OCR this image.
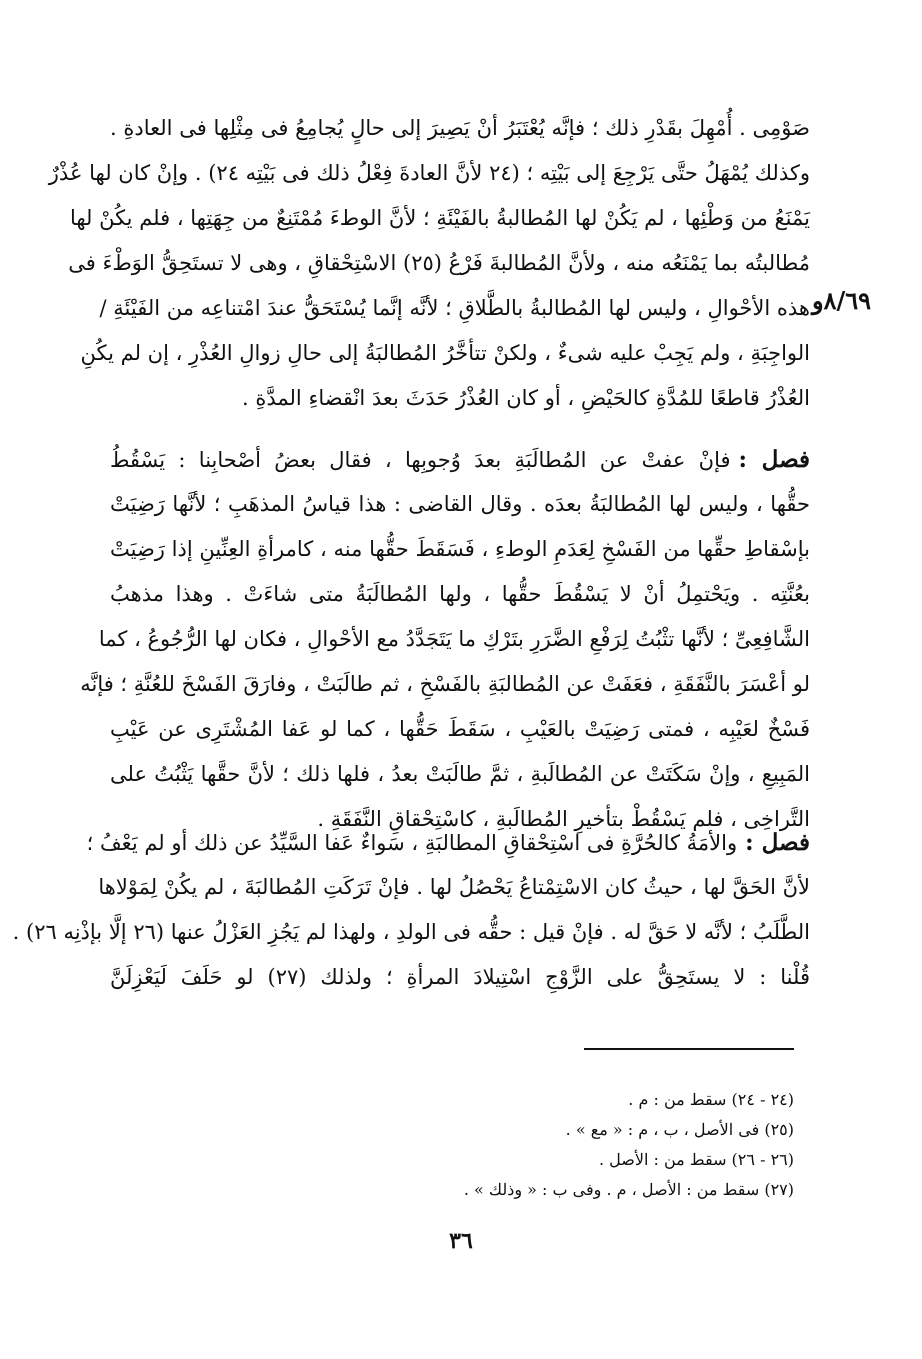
٨/٦٩و
صَوْمِى . أُمْهِلَ بقَدْرِ ذلك ؛ فإنَّه يُعْتَبَرُ أنْ يَصِيرَ إلى حالٍ يُجامِعُ فى مِثْلِها فى العادةِ .
وكذلك يُمْهَلُ حتَّى يَرْجِعَ إلى بَيْتِه ؛ (٢٤ لأنَّ العادةَ فِعْلُ ذلك فى بَيْتِه ٢٤) . وإنْ كان لها عُذْرٌ
يَمْنَعُ من وَطْئِها ، لم يَكُنْ لها المُطالبةُ بالفَيْئَةِ ؛ لأنَّ الوطءَ مُمْتَنِعٌ من جِهَتِها ، فلم يكُنْ لها
مُطالبتُه بما يَمْنَعُه منه ، ولأنَّ المُطالبةَ فَرْعُ (٢٥) الاسْتِحْقاقِ ، وهى لا تستَحِقُّ الوَطْءَ فى
هذه الأحْوالِ ، وليس لها المُطالبةُ بالطَّلاقِ ؛ لأنَّه إنَّما يُسْتَحَقُّ عندَ امْتناعِه من الفَيْئَةِ /
الواجِبَةِ ، ولم يَجِبْ عليه شىءٌ ، ولكنْ تتأخَّرُ المُطالبَةُ إلى حالِ زوالِ العُذْرِ ، إن لم يكُنِ
العُذْرُ قاطعًا للمُدَّةِ كالحَيْضِ ، أو كان العُذْرُ حَدَثَ بعدَ انْقضاءِ المدَّةِ .
فصل :فإنْ عفتْ عن المُطالَبَةِ بعدَ وُجوبِها ، فقال بعضُ أصْحابِنا : يَسْقُطُ
حقُّها ، وليس لها المُطالبَةُ بعدَه . وقال القاضى : هذا قياسُ المذهَبِ ؛ لأنَّها رَضِيَتْ
بإسْقاطِ حقِّها من الفَسْخِ لِعَدَمِ الوطءِ ، فَسَقَطَ حقُّها منه ، كامرأةِ العِنِّينِ إذا رَضِيَتْ
بعُنَّتِه . ويَحْتمِلُ أنْ لا يَسْقُطَ حقُّها ، ولها المُطالَبَةُ متى شاءَتْ . وهذا مذهبُ
الشَّافِعِىِّ ؛ لأنَّها تثْبُتُ لِرَفْعِ الضَّرَرِ بتَرْكِ ما يَتَجَدَّدُ مع الأحْوالِ ، فكان لها الرُّجُوعُ ، كما
لو أعْسَرَ بالنَّفَقَةِ ، فعَفَتْ عن المُطالبَةِ بالفَسْخِ ، ثم طالَبَتْ ، وفارَقَ الفَسْخَ للعُنَّةِ ؛ فإنَّه
فَسْخٌ لعَيْبِه ، فمتى رَضِيَتْ بالعَيْبِ ، سَقَطَ حَقُّها ، كما لو عَفا المُشْتَرِى عن عَيْبِ
المَبِيعِ ، وإنْ سَكَتَتْ عن المُطالَبةِ ، ثمَّ طالَبَتْ بعدُ ، فلها ذلك ؛ لأنَّ حقَّها يَثْبُتُ على
التَّراخِى ، فلم يَسْقُطْ بتأخيرِ المُطالَبةِ ، كاسْتِحْقاقِ النَّفَقَةِ .
فصل :والأمَةُ كالحُرَّةِ فى اسْتِحْقاقِ المطالبَةِ ، سَواءٌ عَفا السَّيِّدُ عن ذلك أو لم يَعْفُ ؛
لأنَّ الحَقَّ لها ، حيثُ كان الاسْتِمْتاعُ يَحْصُلُ لها . فإنْ تَرَكَتِ المُطالبَةَ ، لم يكُنْ لِمَوْلاها
الطَّلَبُ ؛ لأنَّه لا حَقَّ له . فإنْ قيل : حقُّه فى الولدِ ، ولهذا لم يَجُزِ العَزْلُ عنها (٢٦ إلَّا بإذْنِه ٢٦) .
قُلْنا : لا يستَحِقُّ على الزَّوْجِ اسْتِيلادَ المرأةِ ؛ ولذلك (٢٧) لو حَلَفَ لَيَعْزِلَنَّ
(٢٤ - ٢٤) سقط من : م .
(٢٥) فى الأصل ، ب ، م : « مع » .
(٢٦ - ٢٦) سقط من : الأصل .
(٢٧) سقط من : الأصل ، م . وفى ب : « وذلك » .
٣٦
